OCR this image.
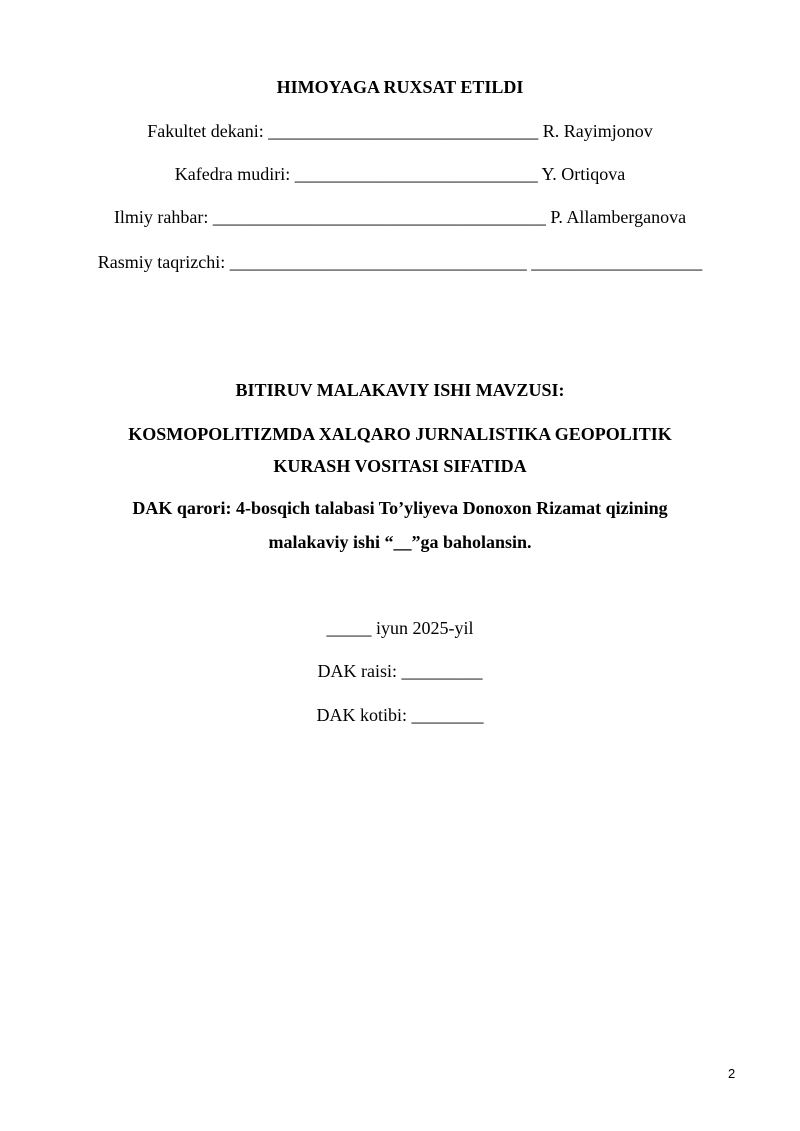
HIMOYAGA RUXSAT ETILDI
Fakultet dekani: ______________________________ R. Rayimjonov
Kafedra mudiri: ___________________________ Y. Ortiqova
Ilmiy rahbar: _____________________________________ P. Allamberganova
Rasmiy taqrizchi: _________________________________ ___________________
BITIRUV MALAKAVIY ISHI MAVZUSI:
KOSMOPOLITIZMDA XALQARO JURNALISTIKA GEOPOLITIK
KURASH VOSITASI SIFATIDA
DAK qarori: 4-bosqich talabasi To’yliyeva Donoxon Rizamat qizining
malakaviy ishi “__”ga baholansin.
_____ iyun 2025-yil
DAK raisi: _________
DAK kotibi: ________
2
